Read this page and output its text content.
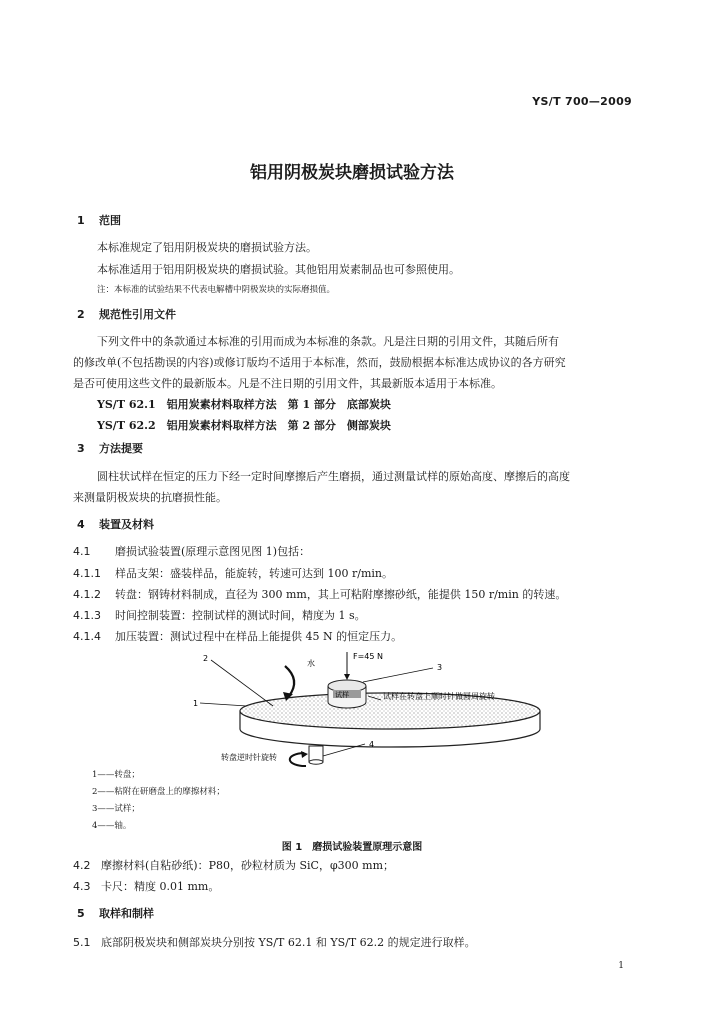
YS/T 700—2009
铝用阴极炭块磨损试验方法
1 范围
本标准规定了铝用阴极炭块的磨损试验方法。
本标准适用于铝用阴极炭块的磨损试验。其他铝用炭素制品也可参照使用。
注：本标准的试验结果不代表电解槽中阴极炭块的实际磨损值。
2 规范性引用文件
下列文件中的条款通过本标准的引用而成为本标准的条款。凡是注日期的引用文件，其随后所有
的修改单(不包括勘误的内容)或修订版均不适用于本标准，然而，鼓励根据本标准达成协议的各方研究
是否可使用这些文件的最新版本。凡是不注日期的引用文件，其最新版本适用于本标准。
YS/T 62.1　铝用炭素材料取样方法　第 1 部分　底部炭块
YS/T 62.2　铝用炭素材料取样方法　第 2 部分　侧部炭块
3 方法提要
圆柱状试样在恒定的压力下经一定时间摩擦后产生磨损，通过测量试样的原始高度、摩擦后的高度
来测量阴极炭块的抗磨损性能。
4 装置及材料
4.1 磨损试验装置(原理示意图见图 1)包括：
4.1.1 样品支架：盛装样品，能旋转，转速可达到 100 r/min。
4.1.2 转盘：钢铸材料制成，直径为 300 mm，其上可粘附摩擦砂纸，能提供 150 r/min 的转速。
4.1.3 时间控制装置：控制试样的测试时间，精度为 1 s。
4.1.4 加压装置：测试过程中在样品上能提供 45 N 的恒定压力。
试样
2
1
水
F=45 N
3
试样在转盘上顺时针做圆周旋转
4
转盘逆时针旋转
1——转盘；
2——粘附在研磨盘上的摩擦材料；
3——试样；
4——轴。
图 1　磨损试验装置原理示意图
4.2 摩擦材料(自粘砂纸)：P80，砂粒材质为 SiC，φ300 mm；
4.3 卡尺：精度 0.01 mm。
5 取样和制样
5.1 底部阴极炭块和侧部炭块分别按 YS/T 62.1 和 YS/T 62.2 的规定进行取样。
1
